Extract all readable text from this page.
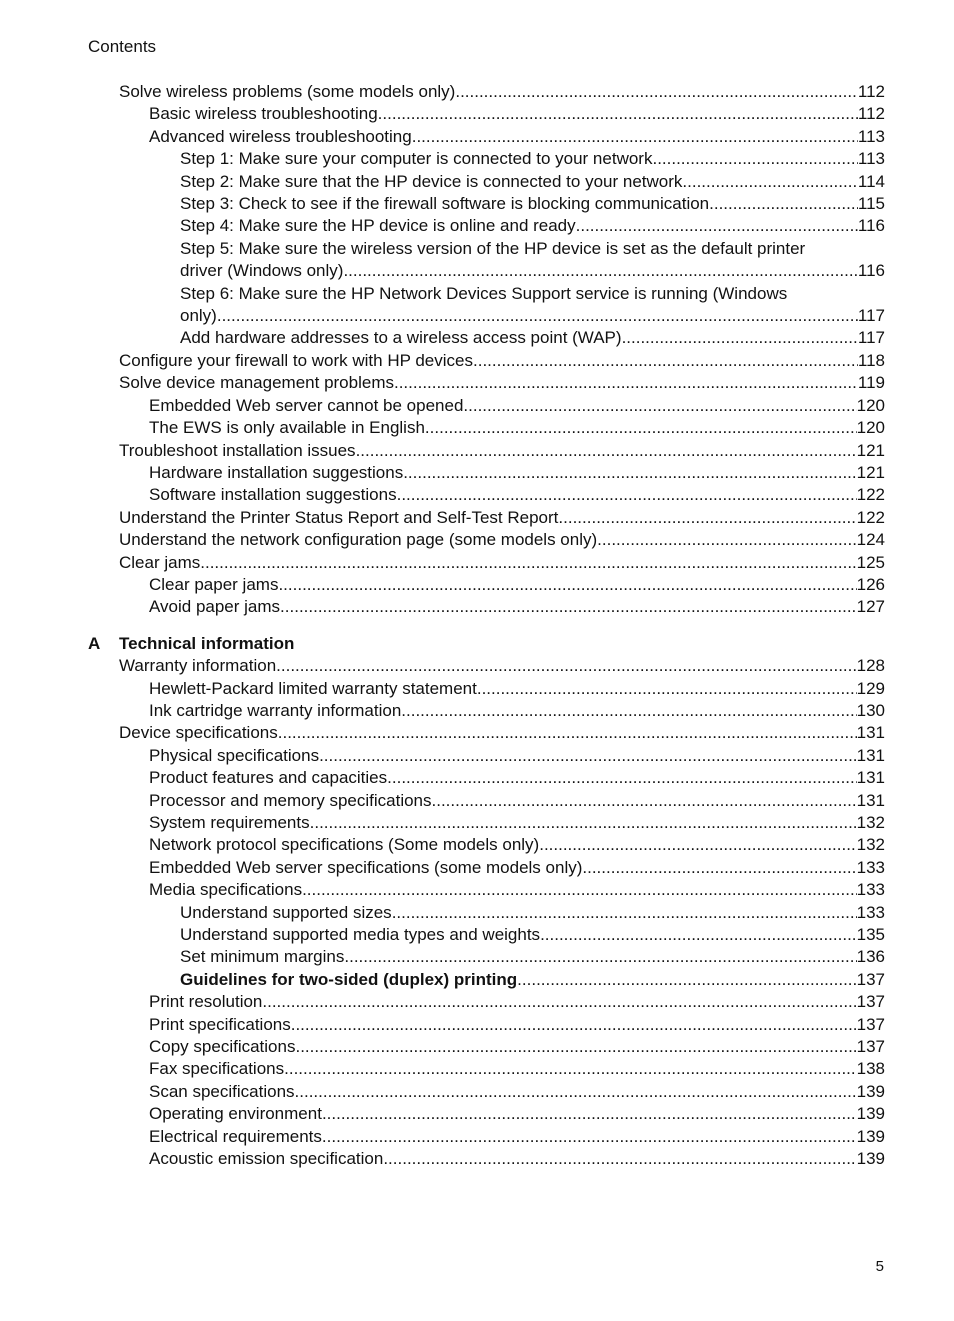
Contents
Solve wireless problems (some models only) .....	112
Basic wireless troubleshooting .....	112
Advanced wireless troubleshooting .....	113
Step 1: Make sure your computer is connected to your network .....	113
Step 2: Make sure that the HP device is connected to your network .....	114
Step 3: Check to see if the firewall software is blocking communication .....	115
Step 4: Make sure the HP device is online and ready .....	116
Step 5: Make sure the wireless version of the HP device is set as the default printer
driver (Windows only) .....	116
Step 6: Make sure the HP Network Devices Support service is running (Windows
only) .....	117
Add hardware addresses to a wireless access point (WAP) .....	117
Configure your firewall to work with HP devices .....	118
Solve device management problems .....	119
Embedded Web server cannot be opened .....	120
The EWS is only available in English .....	120
Troubleshoot installation issues .....	121
Hardware installation suggestions .....	121
Software installation suggestions .....	122
Understand the Printer Status Report and Self-Test Report .....	122
Understand the network configuration page (some models only) .....	124
Clear jams .....	125
Clear paper jams .....	126
Avoid paper jams .....	127
A	Technical information
Warranty information .....	128
Hewlett-Packard limited warranty statement .....	129
Ink cartridge warranty information .....	130
Device specifications .....	131
Physical specifications .....	131
Product features and capacities .....	131
Processor and memory specifications .....	131
System requirements .....	132
Network protocol specifications (Some models only) .....	132
Embedded Web server specifications (some models only) .....	133
Media specifications .....	133
Understand supported sizes .....	133
Understand supported media types and weights .....	135
Set minimum margins .....	136
Guidelines for two-sided (duplex) printing .....	137
Print resolution .....	137
Print specifications .....	137
Copy specifications .....	137
Fax specifications .....	138
Scan specifications .....	139
Operating environment .....	139
Electrical requirements .....	139
Acoustic emission specification .....	139
5
